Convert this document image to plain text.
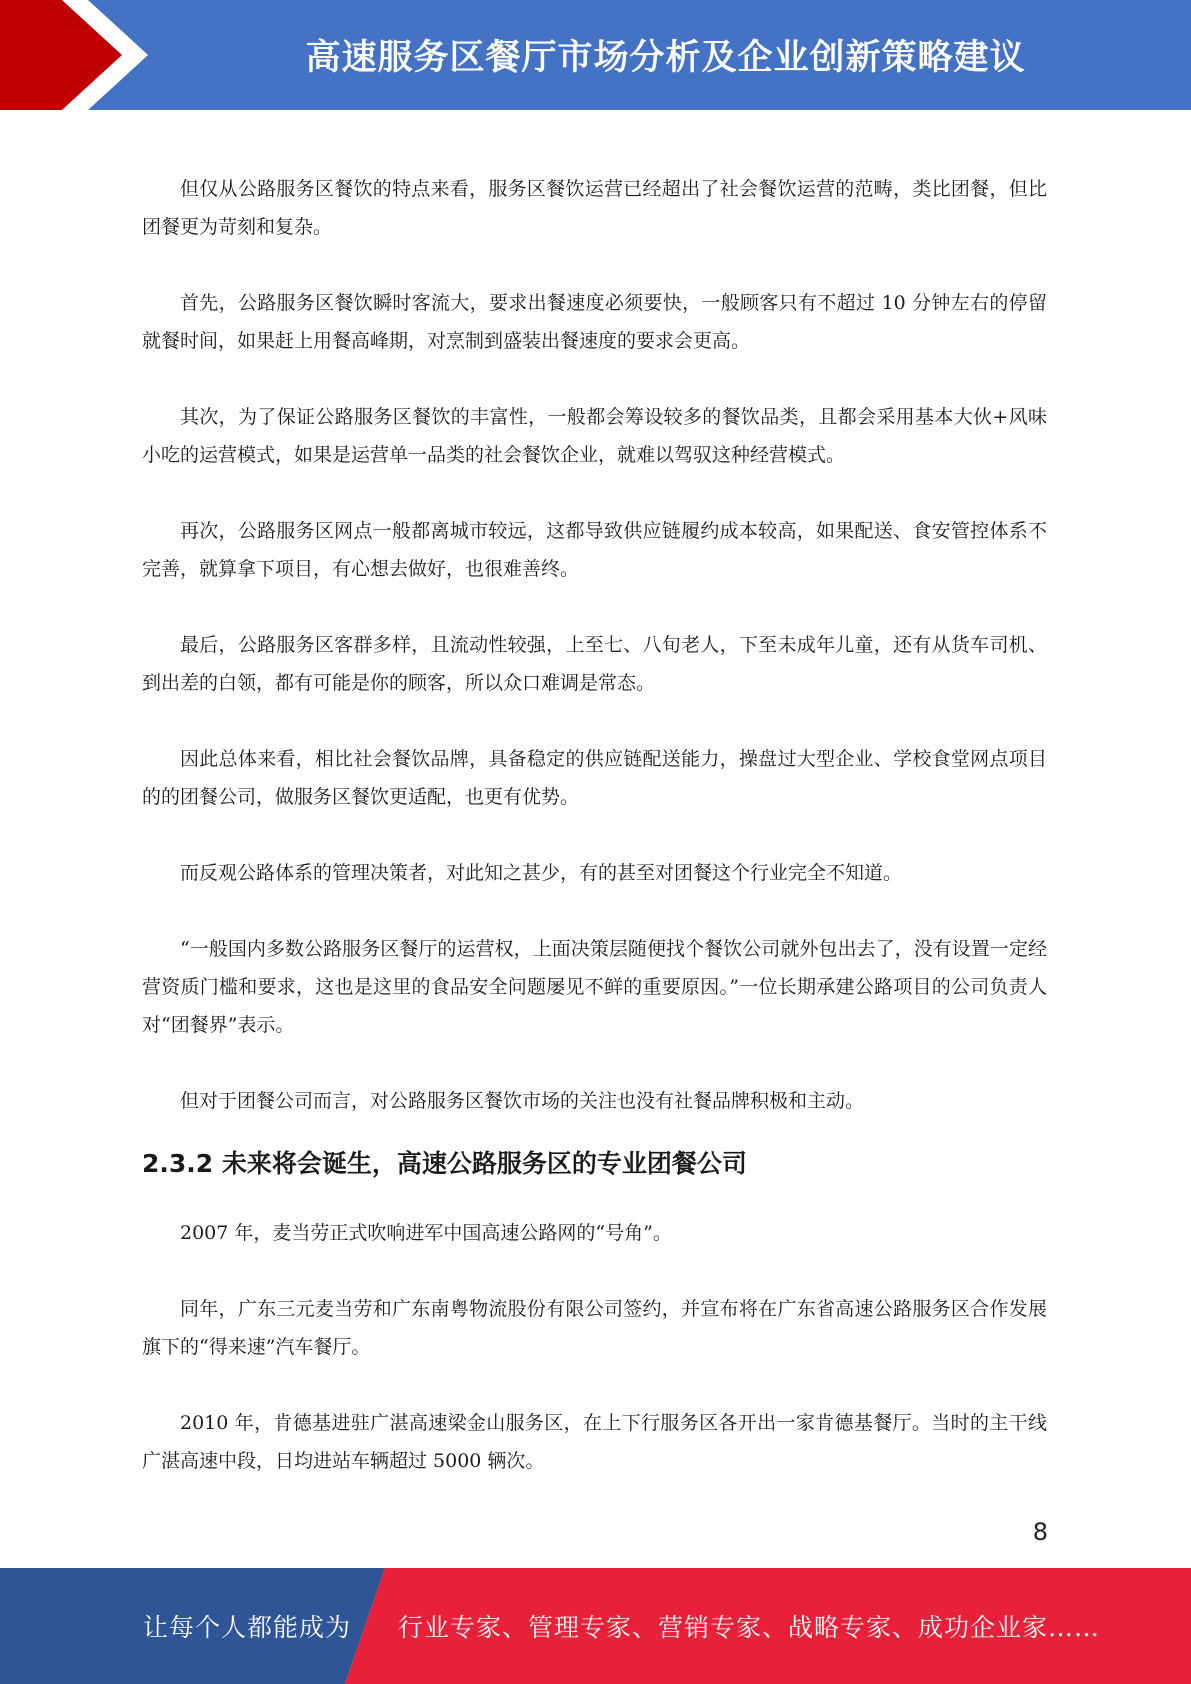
高速服务区餐厅市场分析及企业创新策略建议

但仅从公路服务区餐饮的特点来看，服务区餐饮运营已经超出了社会餐饮运营的范畴，类比团餐，但比团餐更为苛刻和复杂。

首先，公路服务区餐饮瞬时客流大，要求出餐速度必须要快，一般顾客只有不超过 10 分钟左右的停留就餐时间，如果赶上用餐高峰期，对烹制到盛装出餐速度的要求会更高。

其次，为了保证公路服务区餐饮的丰富性，一般都会筹设较多的餐饮品类，且都会采用基本大伙+风味小吃的运营模式，如果是运营单一品类的社会餐饮企业，就难以驾驭这种经营模式。

再次，公路服务区网点一般都离城市较远，这都导致供应链履约成本较高，如果配送、食安管控体系不完善，就算拿下项目，有心想去做好，也很难善终。

最后，公路服务区客群多样，且流动性较强，上至七、八旬老人，下至未成年儿童，还有从货车司机、到出差的白领，都有可能是你的顾客，所以众口难调是常态。

因此总体来看，相比社会餐饮品牌，具备稳定的供应链配送能力，操盘过大型企业、学校食堂网点项目的的团餐公司，做服务区餐饮更适配，也更有优势。

而反观公路体系的管理决策者，对此知之甚少，有的甚至对团餐这个行业完全不知道。

“一般国内多数公路服务区餐厅的运营权，上面决策层随便找个餐饮公司就外包出去了，没有设置一定经营资质门槛和要求，这也是这里的食品安全问题屡见不鲜的重要原因。”一位长期承建公路项目的公司负责人对“团餐界”表示。

但对于团餐公司而言，对公路服务区餐饮市场的关注也没有社餐品牌积极和主动。

2.3.2 未来将会诞生，高速公路服务区的专业团餐公司

2007 年，麦当劳正式吹响进军中国高速公路网的“号角”。

同年，广东三元麦当劳和广东南粤物流股份有限公司签约，并宣布将在广东省高速公路服务区合作发展旗下的“得来速”汽车餐厅。

2010 年，肯德基进驻广湛高速梁金山服务区，在上下行服务区各开出一家肯德基餐厅。当时的主干线广湛高速中段，日均进站车辆超过 5000 辆次。

8
让每个人都能成为 行业专家、管理专家、营销专家、战略专家、成功企业家……
